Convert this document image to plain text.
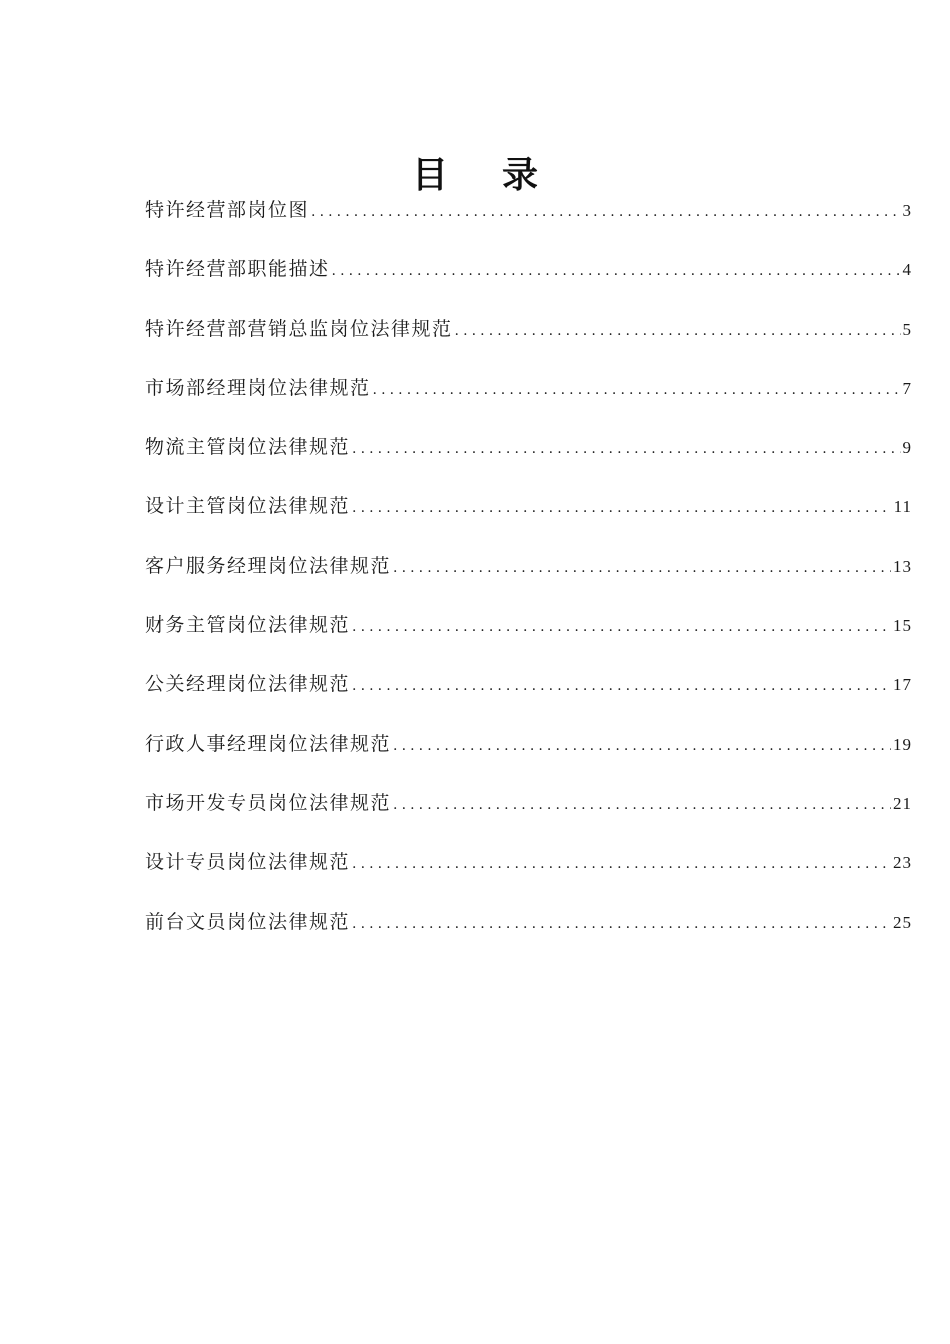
目录
特许经营部岗位图 .....	3
特许经营部职能描述 .....	4
特许经营部营销总监岗位法律规范 .....	5
市场部经理岗位法律规范 .....	7
物流主管岗位法律规范 .....	9
设计主管岗位法律规范 .....	11
客户服务经理岗位法律规范 .....	13
财务主管岗位法律规范 .....	15
公关经理岗位法律规范 .....	17
行政人事经理岗位法律规范 .....	19
市场开发专员岗位法律规范 .....	21
设计专员岗位法律规范 .....	23
前台文员岗位法律规范 .....	25
